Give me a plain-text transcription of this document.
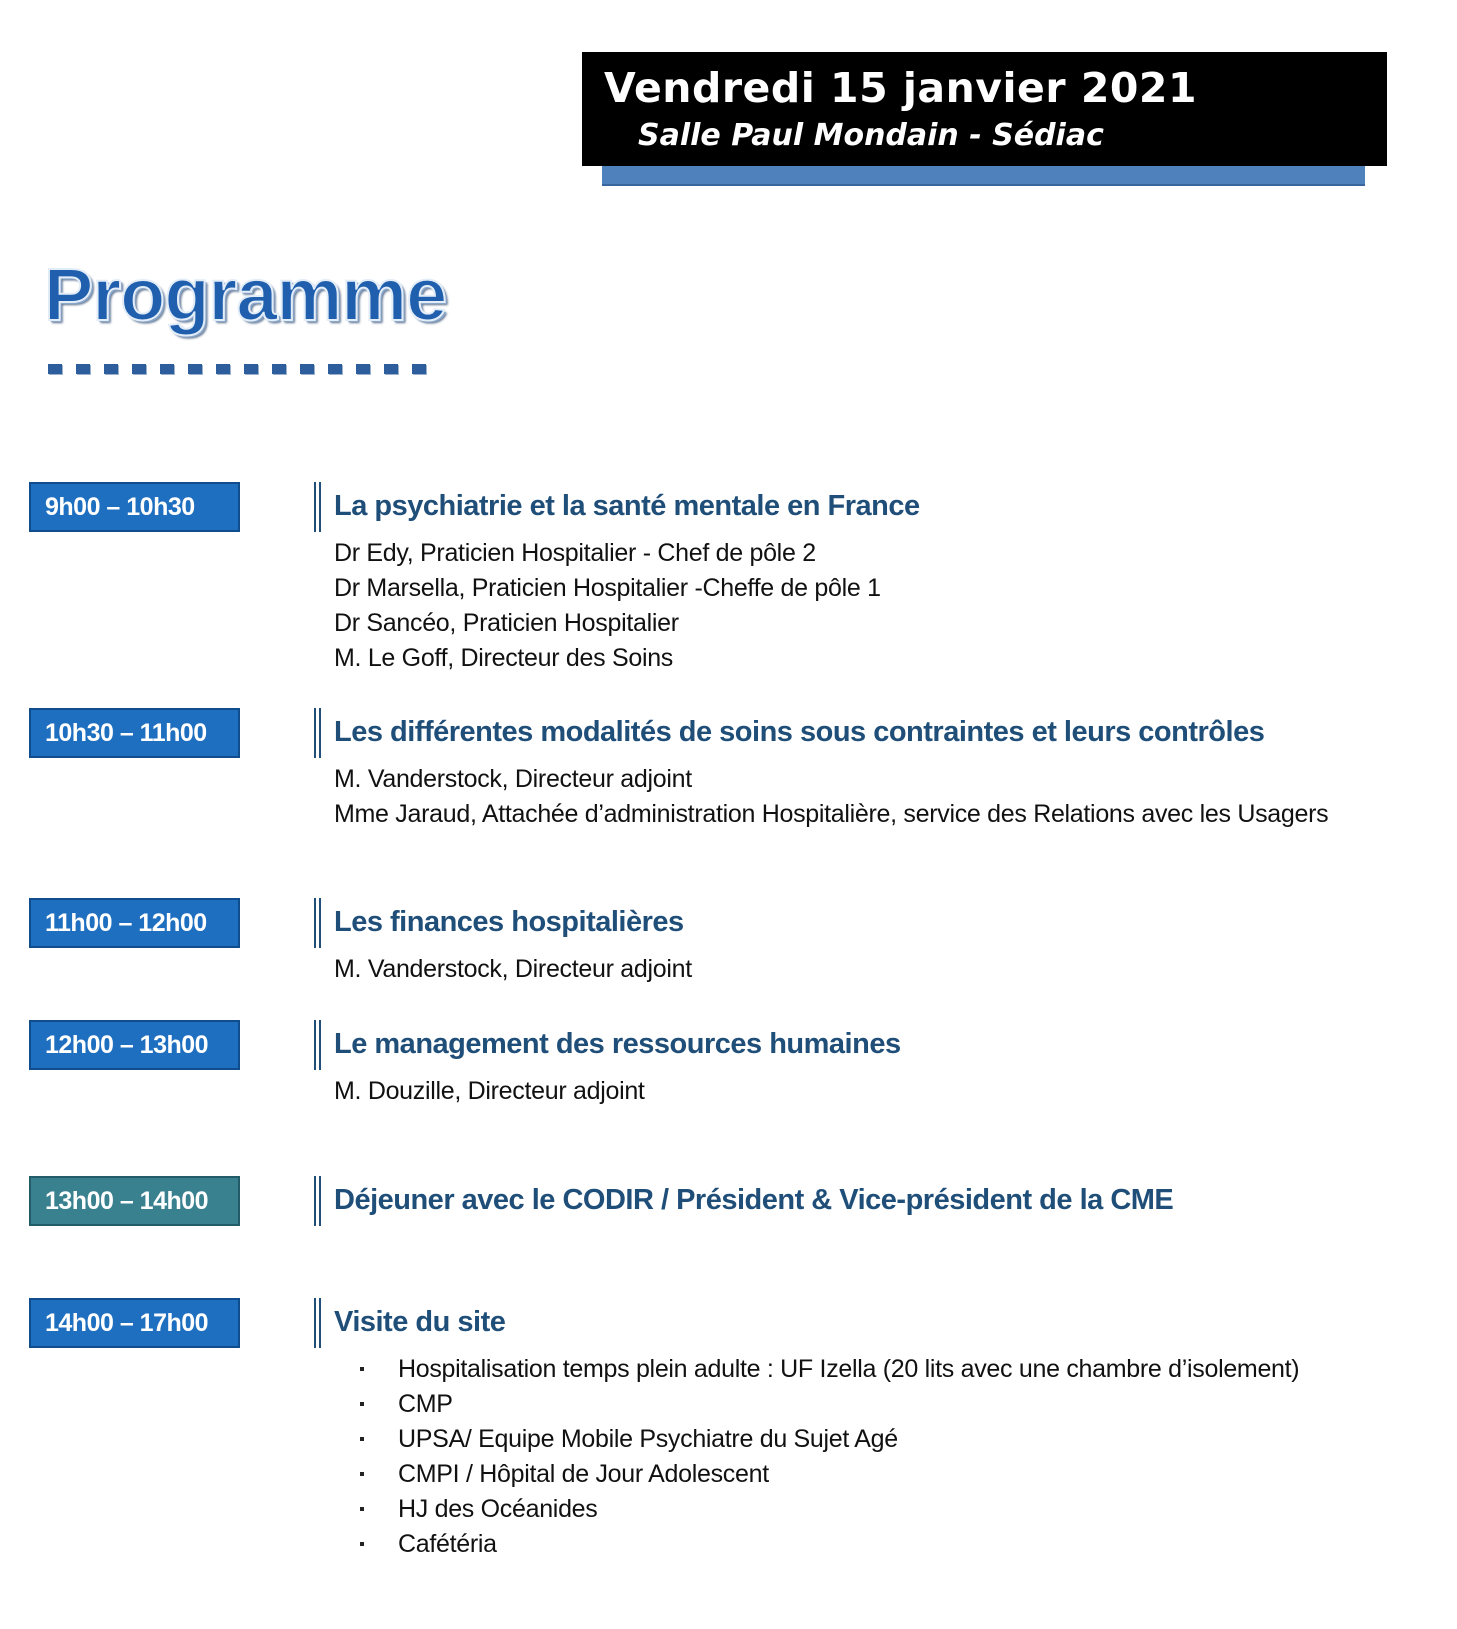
Vendredi 15 janvier 2021
Salle Paul Mondain - Sédiac
Programme
9h00 – 10h30	La psychiatrie et la santé mentale en France
Dr Edy, Praticien Hospitalier - Chef de pôle 2
Dr Marsella, Praticien Hospitalier -Cheffe de pôle 1
Dr Sancéo, Praticien Hospitalier
M. Le Goff, Directeur des Soins
10h30 – 11h00	Les différentes modalités de soins sous contraintes et leurs contrôles
M. Vanderstock, Directeur adjoint
Mme Jaraud, Attachée d’administration Hospitalière, service des Relations avec les Usagers
11h00 – 12h00	Les finances hospitalières
M. Vanderstock, Directeur adjoint
12h00 – 13h00	Le management des ressources humaines
M. Douzille, Directeur adjoint
13h00 – 14h00	Déjeuner avec le CODIR / Président & Vice-président de la CME
14h00 – 17h00	Visite du site
Hospitalisation temps plein adulte : UF Izella (20 lits avec une chambre d’isolement)
CMP
UPSA/ Equipe Mobile Psychiatre du Sujet Agé
CMPI / Hôpital de Jour Adolescent
HJ des Océanides
Cafétéria
